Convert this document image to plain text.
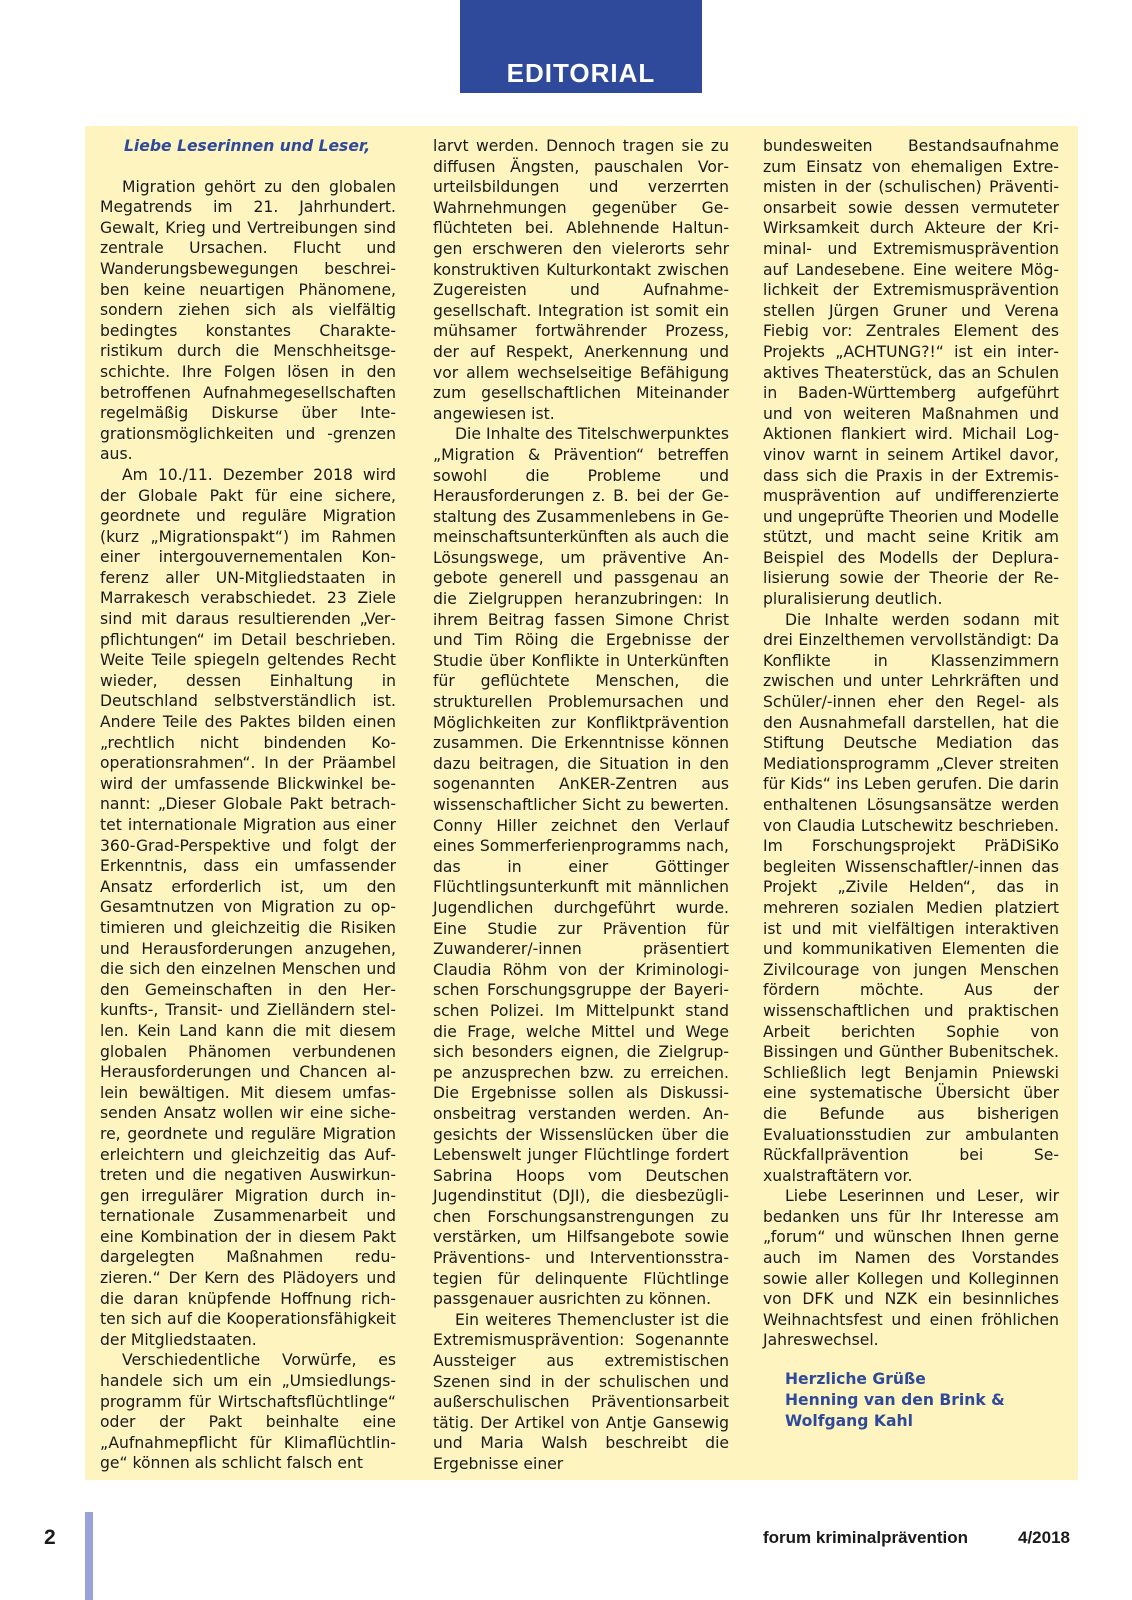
EDITORIAL

Liebe Leserinnen und Leser,

Migration gehört zu den globalen Megatrends im 21. Jahrhundert. Gewalt, Krieg und Vertreibungen sind zentrale Ursachen. Flucht und Wanderungsbewegungen beschreiben keine neuartigen Phänomene, sondern ziehen sich als vielfältig bedingtes konstantes Charakteristikum durch die Menschheitsgeschichte. Ihre Folgen lösen in den betroffenen Aufnahmegesellschaften regelmäßig Diskurse über Integrationsmöglichkeiten und -grenzen aus.

Am 10./11. Dezember 2018 wird der Globale Pakt für eine sichere, geordnete und reguläre Migration (kurz „Migrationspakt“) im Rahmen einer intergouvernementalen Konferenz aller UN-Mitgliedstaaten in Marrakesch verabschiedet. 23 Ziele sind mit daraus resultierenden „Verpflichtungen“ im Detail beschrieben. Weite Teile spiegeln geltendes Recht wieder, dessen Einhaltung in Deutschland selbstverständlich ist. Andere Teile des Paktes bilden einen „rechtlich nicht bindenden Kooperationsrahmen“. In der Präambel wird der umfassende Blickwinkel benannt: „Dieser Globale Pakt betrachtet internationale Migration aus einer 360-Grad-Perspektive und folgt der Erkenntnis, dass ein umfassender Ansatz erforderlich ist, um den Gesamtnutzen von Migration zu optimieren und gleichzeitig die Risiken und Herausforderungen anzugehen, die sich den einzelnen Menschen und den Gemeinschaften in den Herkunfts-, Transit- und Zielländern stellen. Kein Land kann die mit diesem globalen Phänomen verbundenen Herausforderungen und Chancen allein bewältigen. Mit diesem umfassenden Ansatz wollen wir eine sichere, geordnete und reguläre Migration erleichtern und gleichzeitig das Auftreten und die negativen Auswirkungen irregulärer Migration durch internationale Zusammenarbeit und eine Kombination der in diesem Pakt dargelegten Maßnahmen reduzieren.“ Der Kern des Plädoyers und die daran knüpfende Hoffnung richten sich auf die Kooperationsfähigkeit der Mitgliedstaaten.

Verschiedentliche Vorwürfe, es handele sich um ein „Umsiedlungsprogramm für Wirtschaftsflüchtlinge“ oder der Pakt beinhalte eine „Aufnahmepflicht für Klimaflüchtlinge“ können als schlicht falsch ent

larvt werden. Dennoch tragen sie zu diffusen Ängsten, pauschalen Vorurteilsbildungen und verzerrten Wahrnehmungen gegenüber Geflüchteten bei. Ablehnende Haltungen erschweren den vielerorts sehr konstruktiven Kulturkontakt zwischen Zugereisten und Aufnahmegesellschaft. Integration ist somit ein mühsamer fortwährender Prozess, der auf Respekt, Anerkennung und vor allem wechselseitige Befähigung zum gesellschaftlichen Miteinander angewiesen ist.

Die Inhalte des Titelschwerpunktes „Migration & Prävention“ betreffen sowohl die Probleme und Herausforderungen z. B. bei der Gestaltung des Zusammenlebens in Gemeinschaftsunterkünften als auch die Lösungswege, um präventive Angebote generell und passgenau an die Zielgruppen heranzubringen: In ihrem Beitrag fassen Simone Christ und Tim Röing die Ergebnisse der Studie über Konflikte in Unterkünften für geflüchtete Menschen, die strukturellen Problemursachen und Möglichkeiten zur Konfliktprävention zusammen. Die Erkenntnisse können dazu beitragen, die Situation in den sogenannten AnKER-Zentren aus wissenschaftlicher Sicht zu bewerten. Conny Hiller zeichnet den Verlauf eines Sommerferienprogramms nach, das in einer Göttinger Flüchtlingsunterkunft mit männlichen Jugendlichen durchgeführt wurde. Eine Studie zur Prävention für Zuwanderer/-innen präsentiert Claudia Röhm von der Kriminologischen Forschungsgruppe der Bayerischen Polizei. Im Mittelpunkt stand die Frage, welche Mittel und Wege sich besonders eignen, die Zielgruppe anzusprechen bzw. zu erreichen. Die Ergebnisse sollen als Diskussionsbeitrag verstanden werden. Angesichts der Wissenslücken über die Lebenswelt junger Flüchtlinge fordert Sabrina Hoops vom Deutschen Jugendinstitut (DJI), die diesbezüglichen Forschungsanstrengungen zu verstärken, um Hilfsangebote sowie Präventions- und Interventionsstrategien für delinquente Flüchtlinge passgenauer ausrichten zu können.

Ein weiteres Themencluster ist die Extremismusprävention: Sogenannte Aussteiger aus extremistischen Szenen sind in der schulischen und außerschulischen Präventionsarbeit tätig. Der Artikel von Antje Gansewig und Maria Walsh beschreibt die Ergebnisse einer

bundesweiten Bestandsaufnahme zum Einsatz von ehemaligen Extremisten in der (schulischen) Präventionsarbeit sowie dessen vermuteter Wirksamkeit durch Akteure der Kriminal- und Extremismusprävention auf Landesebene. Eine weitere Möglichkeit der Extremismusprävention stellen Jürgen Gruner und Verena Fiebig vor: Zentrales Element des Projekts „ACHTUNG?!“ ist ein interaktives Theaterstück, das an Schulen in Baden-Württemberg aufgeführt und von weiteren Maßnahmen und Aktionen flankiert wird. Michail Logvinov warnt in seinem Artikel davor, dass sich die Praxis in der Extremismusprävention auf undifferenzierte und ungeprüfte Theorien und Modelle stützt, und macht seine Kritik am Beispiel des Modells der Depluralisierung sowie der Theorie der Repluralisierung deutlich.

Die Inhalte werden sodann mit drei Einzelthemen vervollständigt: Da Konflikte in Klassenzimmern zwischen und unter Lehrkräften und Schüler/-innen eher den Regel- als den Ausnahmefall darstellen, hat die Stiftung Deutsche Mediation das Mediationsprogramm „Clever streiten für Kids“ ins Leben gerufen. Die darin enthaltenen Lösungsansätze werden von Claudia Lutschewitz beschrieben. Im Forschungsprojekt PräDiSiKo begleiten Wissenschaftler/-innen das Projekt „Zivile Helden“, das in mehreren sozialen Medien platziert ist und mit vielfältigen interaktiven und kommunikativen Elementen die Zivilcourage von jungen Menschen fördern möchte. Aus der wissenschaftlichen und praktischen Arbeit berichten Sophie von Bissingen und Günther Bubenitschek. Schließlich legt Benjamin Pniewski eine systematische Übersicht über die Befunde aus bisherigen Evaluationsstudien zur ambulanten Rückfallprävention bei Sexualstraftätern vor.

Liebe Leserinnen und Leser, wir bedanken uns für Ihr Interesse am „forum“ und wünschen Ihnen gerne auch im Namen des Vorstandes sowie aller Kollegen und Kolleginnen von DFK und NZK ein besinnliches Weihnachtsfest und einen fröhlichen Jahreswechsel.

Herzliche Grüße
Henning van den Brink &
Wolfgang Kahl
2	forum kriminalprävention	4/2018
